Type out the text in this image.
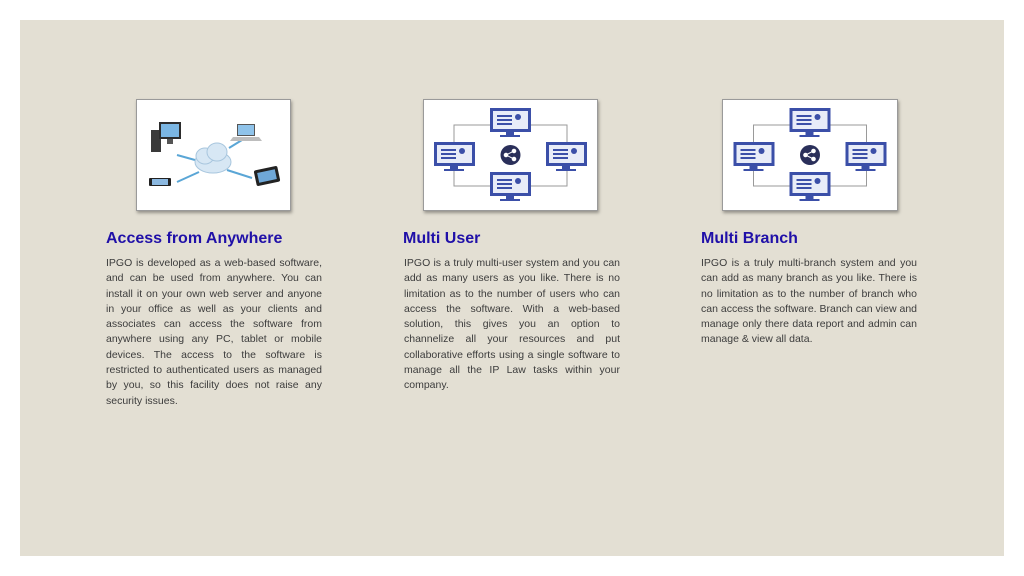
Access from Anywhere	Multi User	Multi Branch

IPGO is developed as a web-based software, and can be used from anywhere. You can install it on your own web server and anyone in your office as well as your clients and associates can access the software from anywhere using any PC, tablet or mobile devices. The access to the software is restricted to authenticated users as managed by you, so this facility does not raise any security issues.

IPGO is a truly multi-user system and you can add as many users as you like. There is no limitation as to the number of users who can access the software. With a web-based solution, this gives you an option to channelize all your resources and put collaborative efforts using a single software to manage all the IP Law tasks within your company.

IPGO is a truly multi-branch system and you can add as many branch as you like. There is no limitation as to the number of branch who can access the software. Branch can view and manage only there data report and admin can manage & view all data.
